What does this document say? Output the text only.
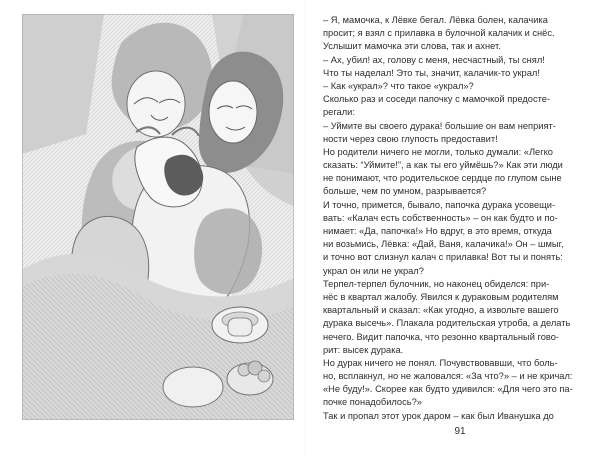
– Я, мамочка, к Лёвке бегал. Лёвка болен, калачика
просит; я взял с прилавка в булочной калачик и снёс.
Услышит мамочка эти слова, так и ахнет.
– Ах, убил! ах, голову с меня, несчастный, ты снял!
Что ты наделал! Это ты, значит, калачик-то украл!
– Как «украл»? что такое «украл»?
Сколько раз и соседи папочку с мамочкой предосте-
регали:
– Уймите вы своего дурака! большие он вам неприят-
ности через свою глупость предоставит!
Но родители ничего не могли, только думали: «Легко
сказать: “Уймите!”, а как ты его уймёшь?» Как эти люди
не понимают, что родительское сердце по глупом сыне
больше, чем по умном, разрывается?
И точно, примется, бывало, папочка дурака усовещи-
вать: «Калач есть собственность» – он как будто и по-
нимает: «Да, папочка!» Но вдруг, в это время, откуда
ни возьмись, Лёвка: «Дай, Ваня, калачика!» Он – шмыг,
и точно вот слизнул калач с прилавка! Вот ты и понять:
украл он или не украл?
Терпел-терпел булочник, но наконец обиделся: при-
нёс в квартал жалобу. Явился к дураковым родителям
квартальный и сказал: «Как угодно, а извольте вашего
дурака высечь». Плакала родительская утроба, а делать
нечего. Видит папочка, что резонно квартальный гово-
рит: высек дурака.
Но дурак ничего не понял. Почувствовавши, что боль-
но, всплакнул, но не жаловался: «За что?» – и не кричал:
«Не буду!». Скорее как будто удивился: «Для чего это па-
почке понадобилось?»
Так и пропал этот урок даром – как был Иванушка до
91
